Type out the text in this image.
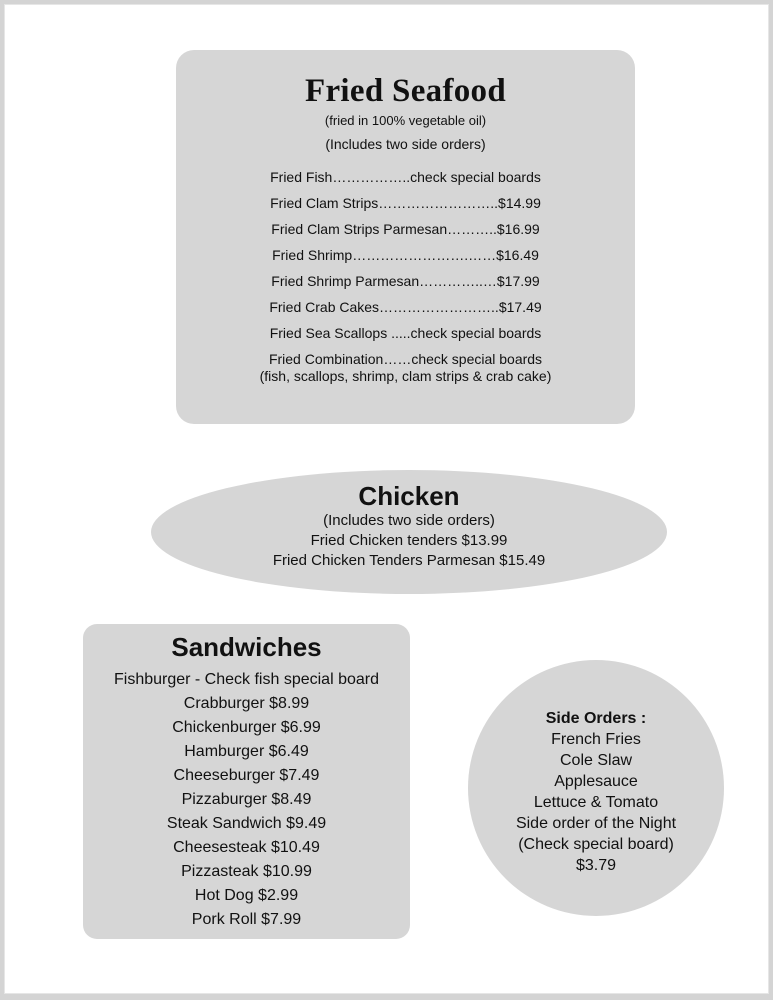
Fried Seafood
(fried in 100% vegetable oil)
(Includes two side orders)
Fried Fish……………..check special boards
Fried Clam Strips……………………..$14.99
Fried Clam Strips Parmesan………..$16.99
Fried Shrimp…………………….……$16.49
Fried Shrimp Parmesan…………..…$17.99
Fried Crab Cakes……………………..$17.49
Fried Sea Scallops .....check special boards
Fried Combination……check special boards
(fish, scallops, shrimp, clam strips & crab cake)
Chicken
(Includes two side orders)
Fried Chicken tenders $13.99
Fried Chicken Tenders Parmesan $15.49
Sandwiches
Fishburger - Check fish special board
Crabburger $8.99
Chickenburger $6.99
Hamburger $6.49
Cheeseburger $7.49
Pizzaburger $8.49
Steak Sandwich $9.49
Cheesesteak $10.49
Pizzasteak $10.99
Hot Dog $2.99
Pork Roll $7.99
Side Orders :
French Fries
Cole Slaw
Applesauce
Lettuce & Tomato
Side order of the Night
(Check special board)
$3.79
